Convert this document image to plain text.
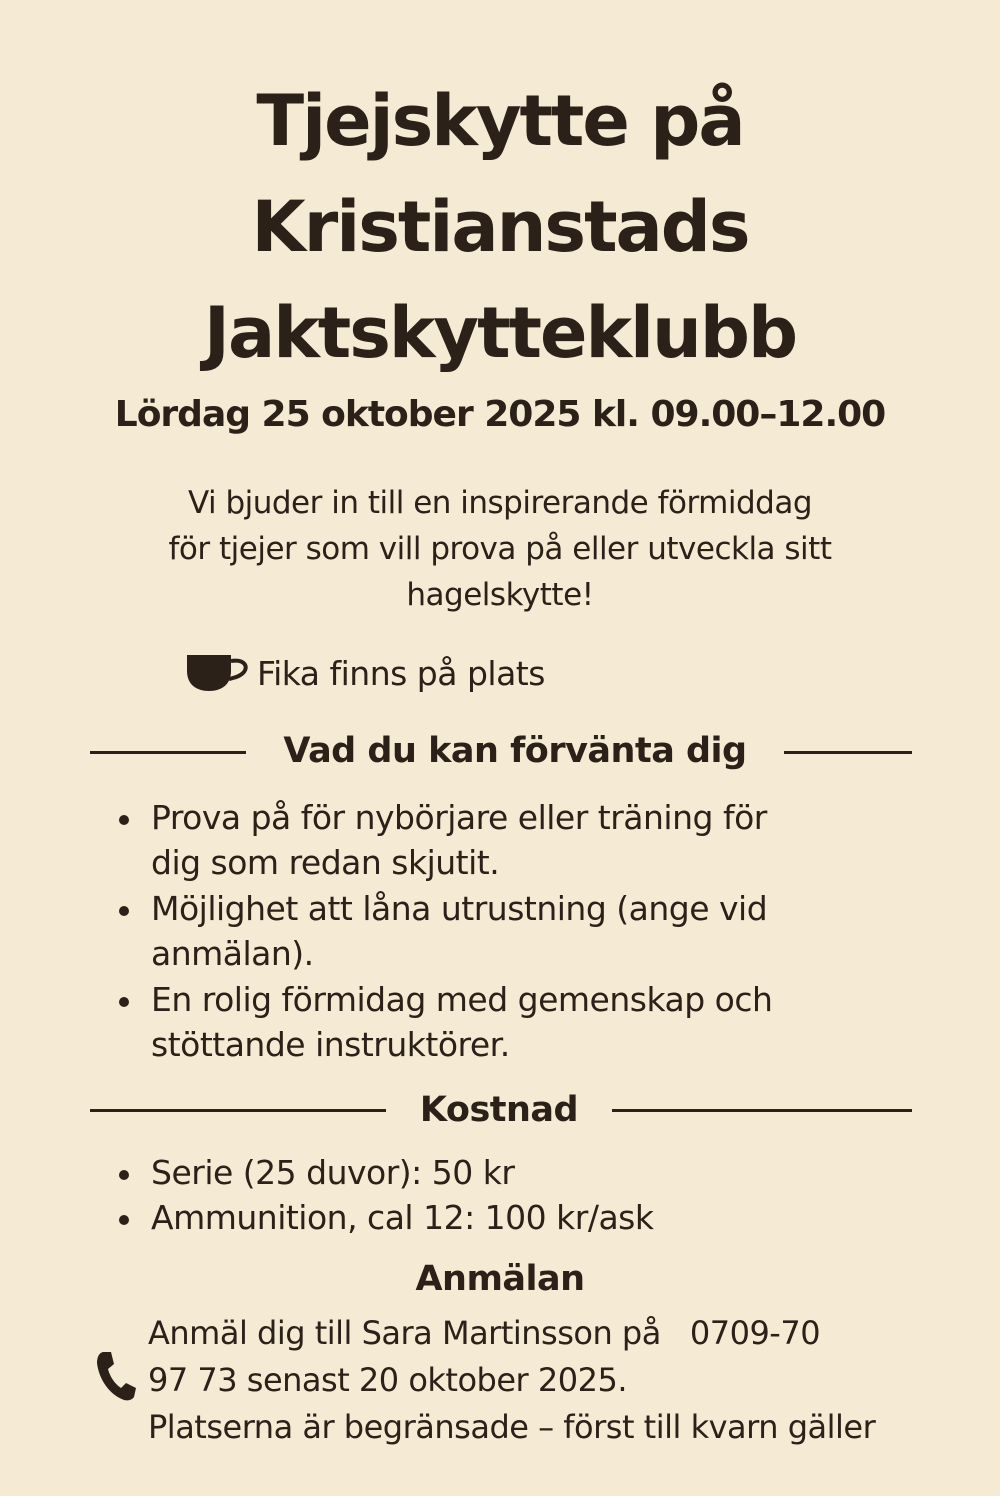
Tjejskytte på
Kristianstads
Jaktskytteklubb

Lördag 25 oktober 2025 kl. 09.00–12.00

Vi bjuder in till en inspirerande förmiddag
för tjejer som vill prova på eller utveckla sitt
hagelskytte!

Fika finns på plats
Vad du kan förvänta dig
Prova på för nybörjare eller träning för
dig som redan skjutit.
Möjlighet att låna utrustning (ange vid
anmälan).
En rolig förmidag med gemenskap och
stöttande instruktörer.
Kostnad
Serie (25 duvor): 50 kr
Ammunition, cal 12: 100 kr/ask
Anmälan

Anmäl dig till Sara Martinsson på   0709-70
97 73 senast 20 oktober 2025.
Platserna är begränsade – först till kvarn gäller
